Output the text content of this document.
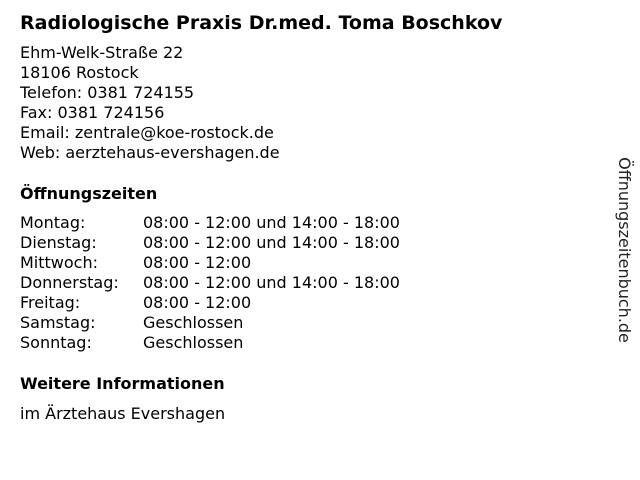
Radiologische Praxis Dr.med. Toma Boschkov
Ehm-Welk-Straße 22
18106 Rostock
Telefon: 0381 724155
Fax: 0381 724156
Email: zentrale@koe-rostock.de
Web: aerztehaus-evershagen.de
Öffnungszeiten
Montag:	08:00 - 12:00 und 14:00 - 18:00
Dienstag:	08:00 - 12:00 und 14:00 - 18:00
Mittwoch:	08:00 - 12:00
Donnerstag:	08:00 - 12:00 und 14:00 - 18:00
Freitag:	08:00 - 12:00
Samstag:	Geschlossen
Sonntag:	Geschlossen
Weitere Informationen
im Ärztehaus Evershagen
Öffnungszeitenbuch.de
